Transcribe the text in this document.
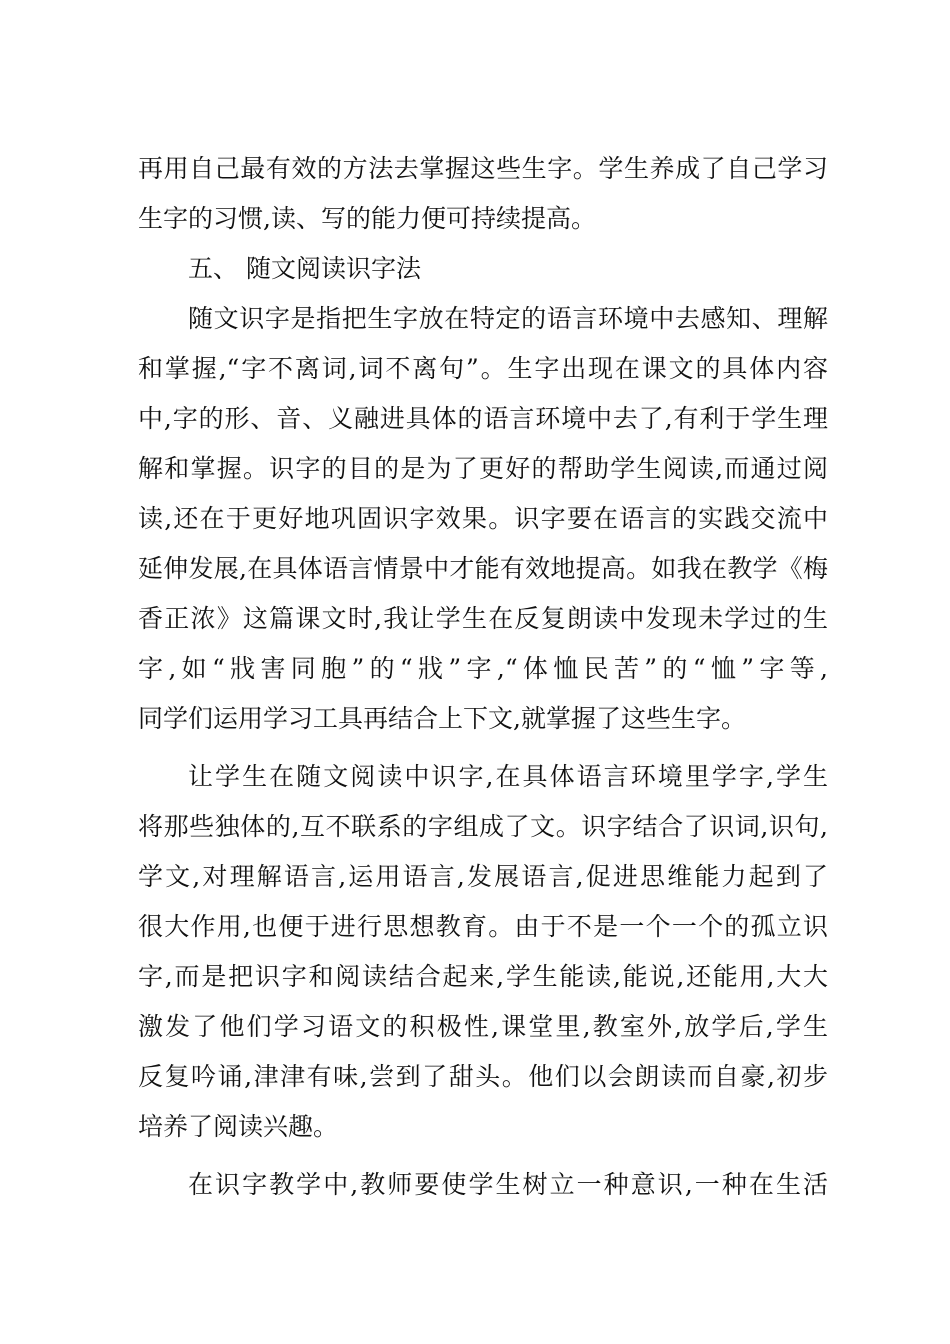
再用自己最有效的方法去掌握这些生字。学生养成了自己学习
生字的习惯,读、写的能力便可持续提高。
五、 随文阅读识字法
随文识字是指把生字放在特定的语言环境中去感知、理解
和掌握,“字不离词,词不离句”。生字出现在课文的具体内容
中,字的形、音、义融进具体的语言环境中去了,有利于学生理
解和掌握。识字的目的是为了更好的帮助学生阅读,而通过阅
读,还在于更好地巩固识字效果。识字要在语言的实践交流中
延伸发展,在具体语言情景中才能有效地提高。如我在教学《梅
香正浓》这篇课文时,我让学生在反复朗读中发现未学过的生
字,如“戕害同胞”的“戕”字,“体恤民苦”的“恤”字等,
同学们运用学习工具再结合上下文,就掌握了这些生字。
让学生在随文阅读中识字,在具体语言环境里学字,学生
将那些独体的,互不联系的字组成了文。识字结合了识词,识句,
学文,对理解语言,运用语言,发展语言,促进思维能力起到了
很大作用,也便于进行思想教育。由于不是一个一个的孤立识
字,而是把识字和阅读结合起来,学生能读,能说,还能用,大大
激发了他们学习语文的积极性,课堂里,教室外,放学后,学生
反复吟诵,津津有味,尝到了甜头。他们以会朗读而自豪,初步
培养了阅读兴趣。
在识字教学中,教师要使学生树立一种意识,一种在生活
